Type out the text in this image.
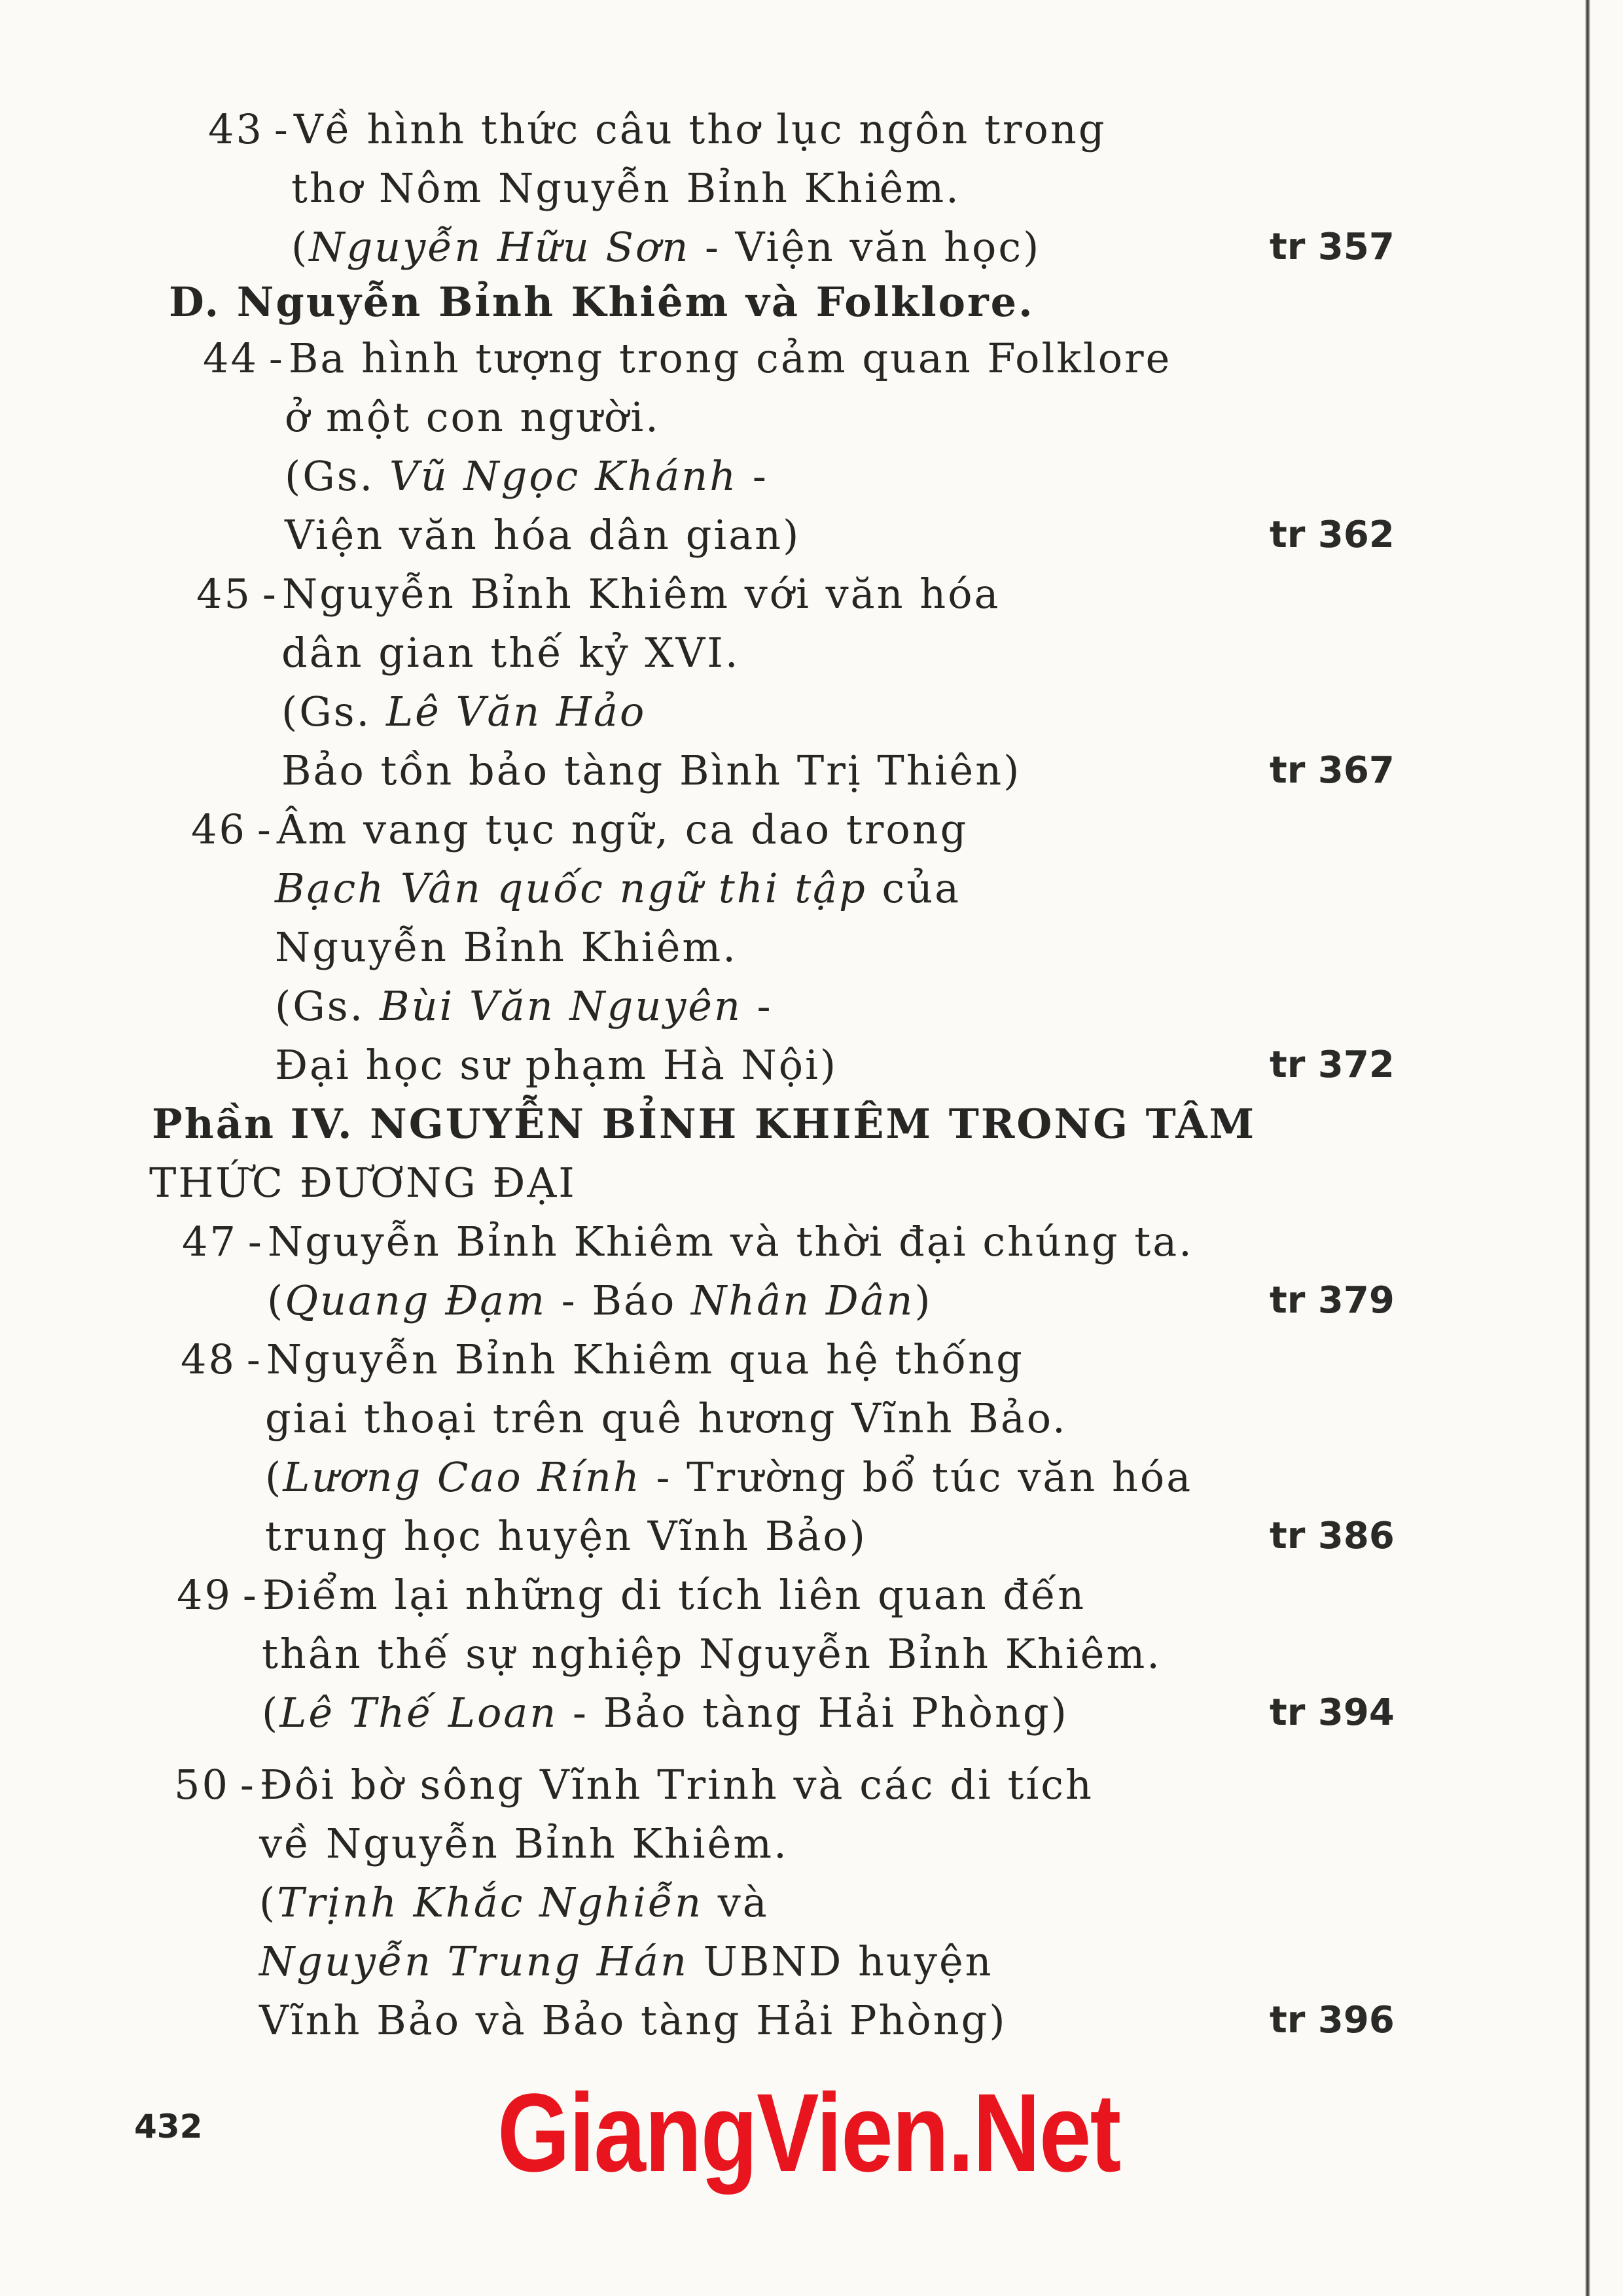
43 -Về hình thức câu thơ lục ngôn trong
thơ Nôm Nguyễn Bỉnh Khiêm.
(Nguyễn Hữu Sơn - Viện văn học)	tr 357
D. Nguyễn Bỉnh Khiêm và Folklore.
44 -Ba hình tượng trong cảm quan Folklore
ở một con người.
(Gs. Vũ Ngọc Khánh -
Viện văn hóa dân gian)	tr 362
45 -Nguyễn Bỉnh Khiêm với văn hóa
dân gian thế kỷ XVI.
(Gs. Lê Văn Hảo
Bảo tồn bảo tàng Bình Trị Thiên)	tr 367
46 -Âm vang tục ngữ, ca dao trong
Bạch Vân quốc ngữ thi tập của
Nguyễn Bỉnh Khiêm.
(Gs. Bùi Văn Nguyên -
Đại học sư phạm Hà Nội)	tr 372
Phần IV. NGUYỄN BỈNH KHIÊM TRONG TÂM
THỨC ĐƯƠNG ĐẠI
47 -Nguyễn Bỉnh Khiêm và thời đại chúng ta.
(Quang Đạm - Báo Nhân Dân)	tr 379
48 -Nguyễn Bỉnh Khiêm qua hệ thống
giai thoại trên quê hương Vĩnh Bảo.
(Lương Cao Rính - Trường bổ túc văn hóa
trung học huyện Vĩnh Bảo)	tr 386
49 -Điểm lại những di tích liên quan đến
thân thế sự nghiệp Nguyễn Bỉnh Khiêm.
(Lê Thế Loan - Bảo tàng Hải Phòng)	tr 394
50 -Đôi bờ sông Vĩnh Trinh và các di tích
về Nguyễn Bỉnh Khiêm.
(Trịnh Khắc Nghiễn và
Nguyễn Trung Hán UBND huyện
Vĩnh Bảo và Bảo tàng Hải Phòng)	tr 396
432	GiangVien.Net
